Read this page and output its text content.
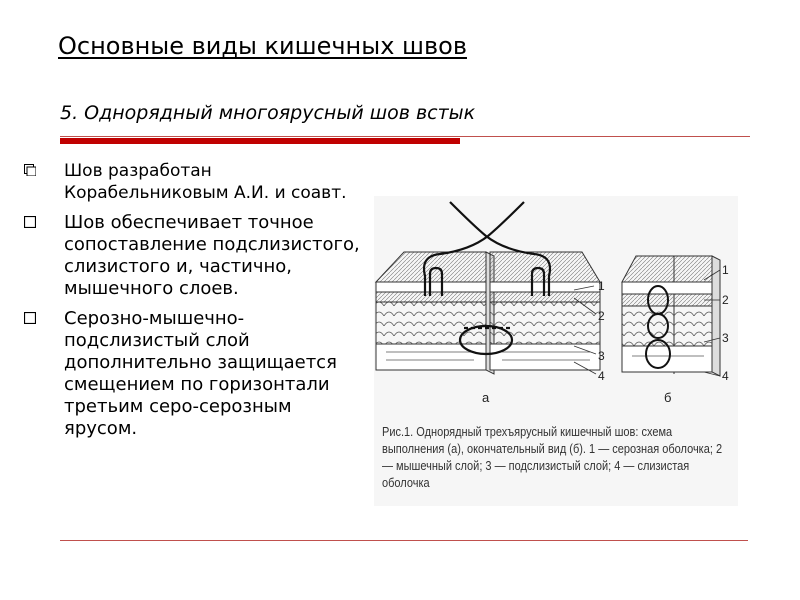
Основные виды кишечных швов
5. Однорядный многоярусный шов встык
Шов разработан Корабельниковым А.И. и соавт.
Шов обеспечивает точное сопоставление подслизистого, слизистого и, частично, мышечного слоев.
Серозно-мышечно-подслизистый слой дополнительно защищается смещением по горизонтали третьим серо-серозным ярусом.
1
2
3
4
1
2
3
4
а	б
Рис.1. Однорядный трехъярусный кишечный шов: схема выполнения (а), окончательный вид (б). 1 — серозная оболочка; 2 — мышечный слой; 3 — подслизистый слой; 4 — слизистая оболочка
